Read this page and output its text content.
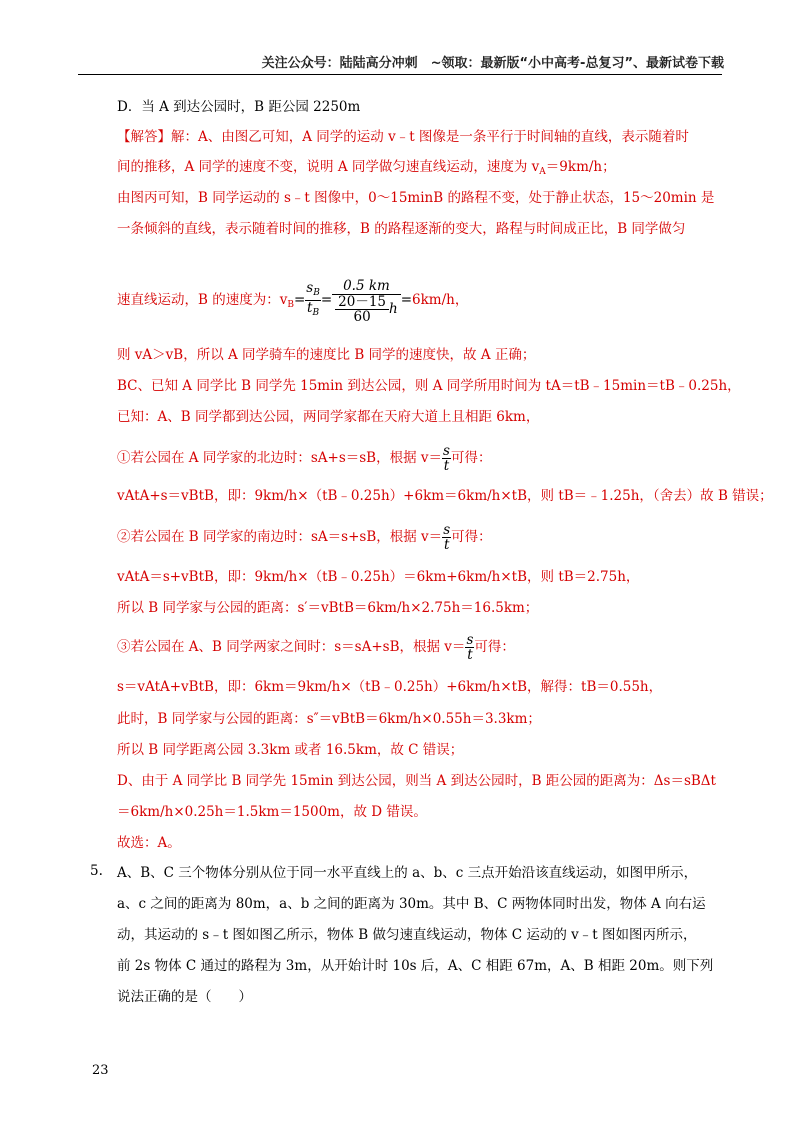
关注公众号：陆陆高分冲刺　~领取：最新版“小中高考-总复习”、最新试卷下载
D．当 A 到达公园时，B 距公园 2250m
【解答】解：A、由图乙可知，A 同学的运动 v﹣t 图像是一条平行于时间轴的直线，表示随着时
间的推移，A 同学的速度不变，说明 A 同学做匀速直线运动，速度为 $v_A=9km/h$；
由图丙可知，B 同学运动的 s﹣t 图像中，0～15minB 的路程不变，处于静止状态，15～20min 是
一条倾斜的直线，表示随着时间的推移，B 的路程逐渐的变大，路程与时间成正比，B 同学做匀
速直线运动，B 的速度为：$v_B= \frac{s_B}{t_B} = \frac{0.5 km}{\frac{20-15}{60} h} =6km/h$，
则 vA＞vB，所以 A 同学骑车的速度比 B 同学的速度快，故 A 正确；
BC、已知 A 同学比 B 同学先 15min 到达公园，则 A 同学所用时间为 tA＝tB﹣15min＝tB﹣0.25h，
已知：A、B 同学都到达公园，两同学家都在天府大道上且相距 6km，
①若公园在 A 同学家的北边时：sA+s＝sB，根据 $v= \frac{s}{t}$ 可得：
vAtA+s＝vBtB，即：9km/h×（tB﹣0.25h）+6km＝6km/h×tB，则 tB＝﹣1.25h，（舍去）故 B 错误；
②若公园在 B 同学家的南边时：sA＝s+sB，根据 $v= \frac{s}{t}$ 可得：
vAtA＝s+vBtB，即：9km/h×（tB﹣0.25h）＝6km+6km/h×tB，则 tB＝2.75h，
所以 B 同学家与公园的距离：s′＝vBtB＝6km/h×2.75h＝16.5km；
③若公园在 A、B 同学两家之间时：s＝sA+sB，根据 $v= \frac{s}{t}$ 可得：
s＝vAtA+vBtB，即：6km＝9km/h×（tB﹣0.25h）+6km/h×tB，解得：tB＝0.55h，
此时，B 同学家与公园的距离：s″＝vBtB＝6km/h×0.55h＝3.3km；
所以 B 同学距离公园 3.3km 或者 16.5km，故 C 错误；
D、由于 A 同学比 B 同学先 15min 到达公园，则当 A 到达公园时，B 距公园的距离为：Δs＝sBΔt
＝6km/h×0.25h＝1.5km＝1500m，故 D 错误。
故选：A。
5. A、B、C 三个物体分别从位于同一水平直线上的 a、b、c 三点开始沿该直线运动，如图甲所示，
a、c 之间的距离为 80m，a、b 之间的距离为 30m。其中 B、C 两物体同时出发，物体 A 向右运
动，其运动的 s﹣t 图如图乙所示，物体 B 做匀速直线运动，物体 C 运动的 v﹣t 图如图丙所示，
前 2s 物体 C 通过的路程为 3m，从开始计时 10s 后，A、C 相距 67m，A、B 相距 20m。则下列
说法正确的是（　　）
23
